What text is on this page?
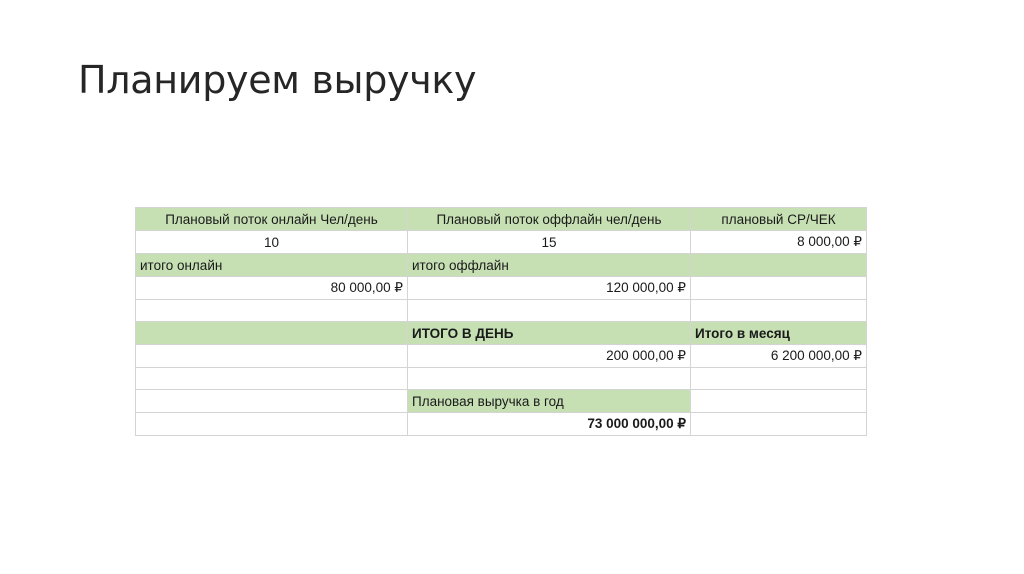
Планируем выручку
Плановый поток онлайн Чел/день	Плановый поток оффлайн чел/день	плановый СР/ЧЕК
10	15	8 000,00 ₽
итого онлайн	итого оффлайн	
80 000,00 ₽	120 000,00 ₽	

	ИТОГО В ДЕНЬ	Итого в месяц
	200 000,00 ₽	6 200 000,00 ₽

	Плановая выручка в год	
	73 000 000,00 ₽	
